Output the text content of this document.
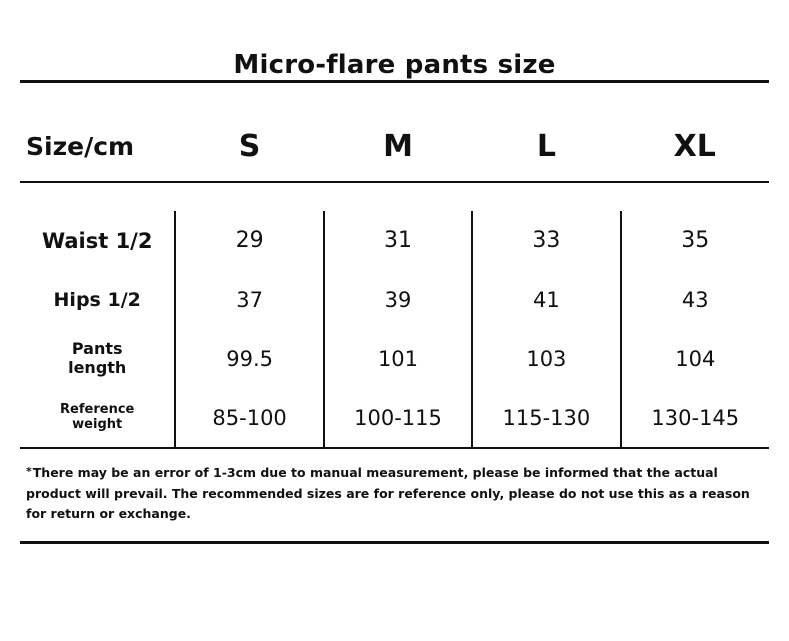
Micro-flare pants size
Size/cm	S	M	L	XL
Waist 1/2	29	31	33	35
Hips 1/2	37	39	41	43

Pants
length	99.5	101	103	104

Reference
weight	85-100	100-115	115-130	130-145
*There may be an error of 1-3cm due to manual measurement, please be informed that the actual product will prevail. The recommended sizes are for reference only, please do not use this as a reason for return or exchange.
